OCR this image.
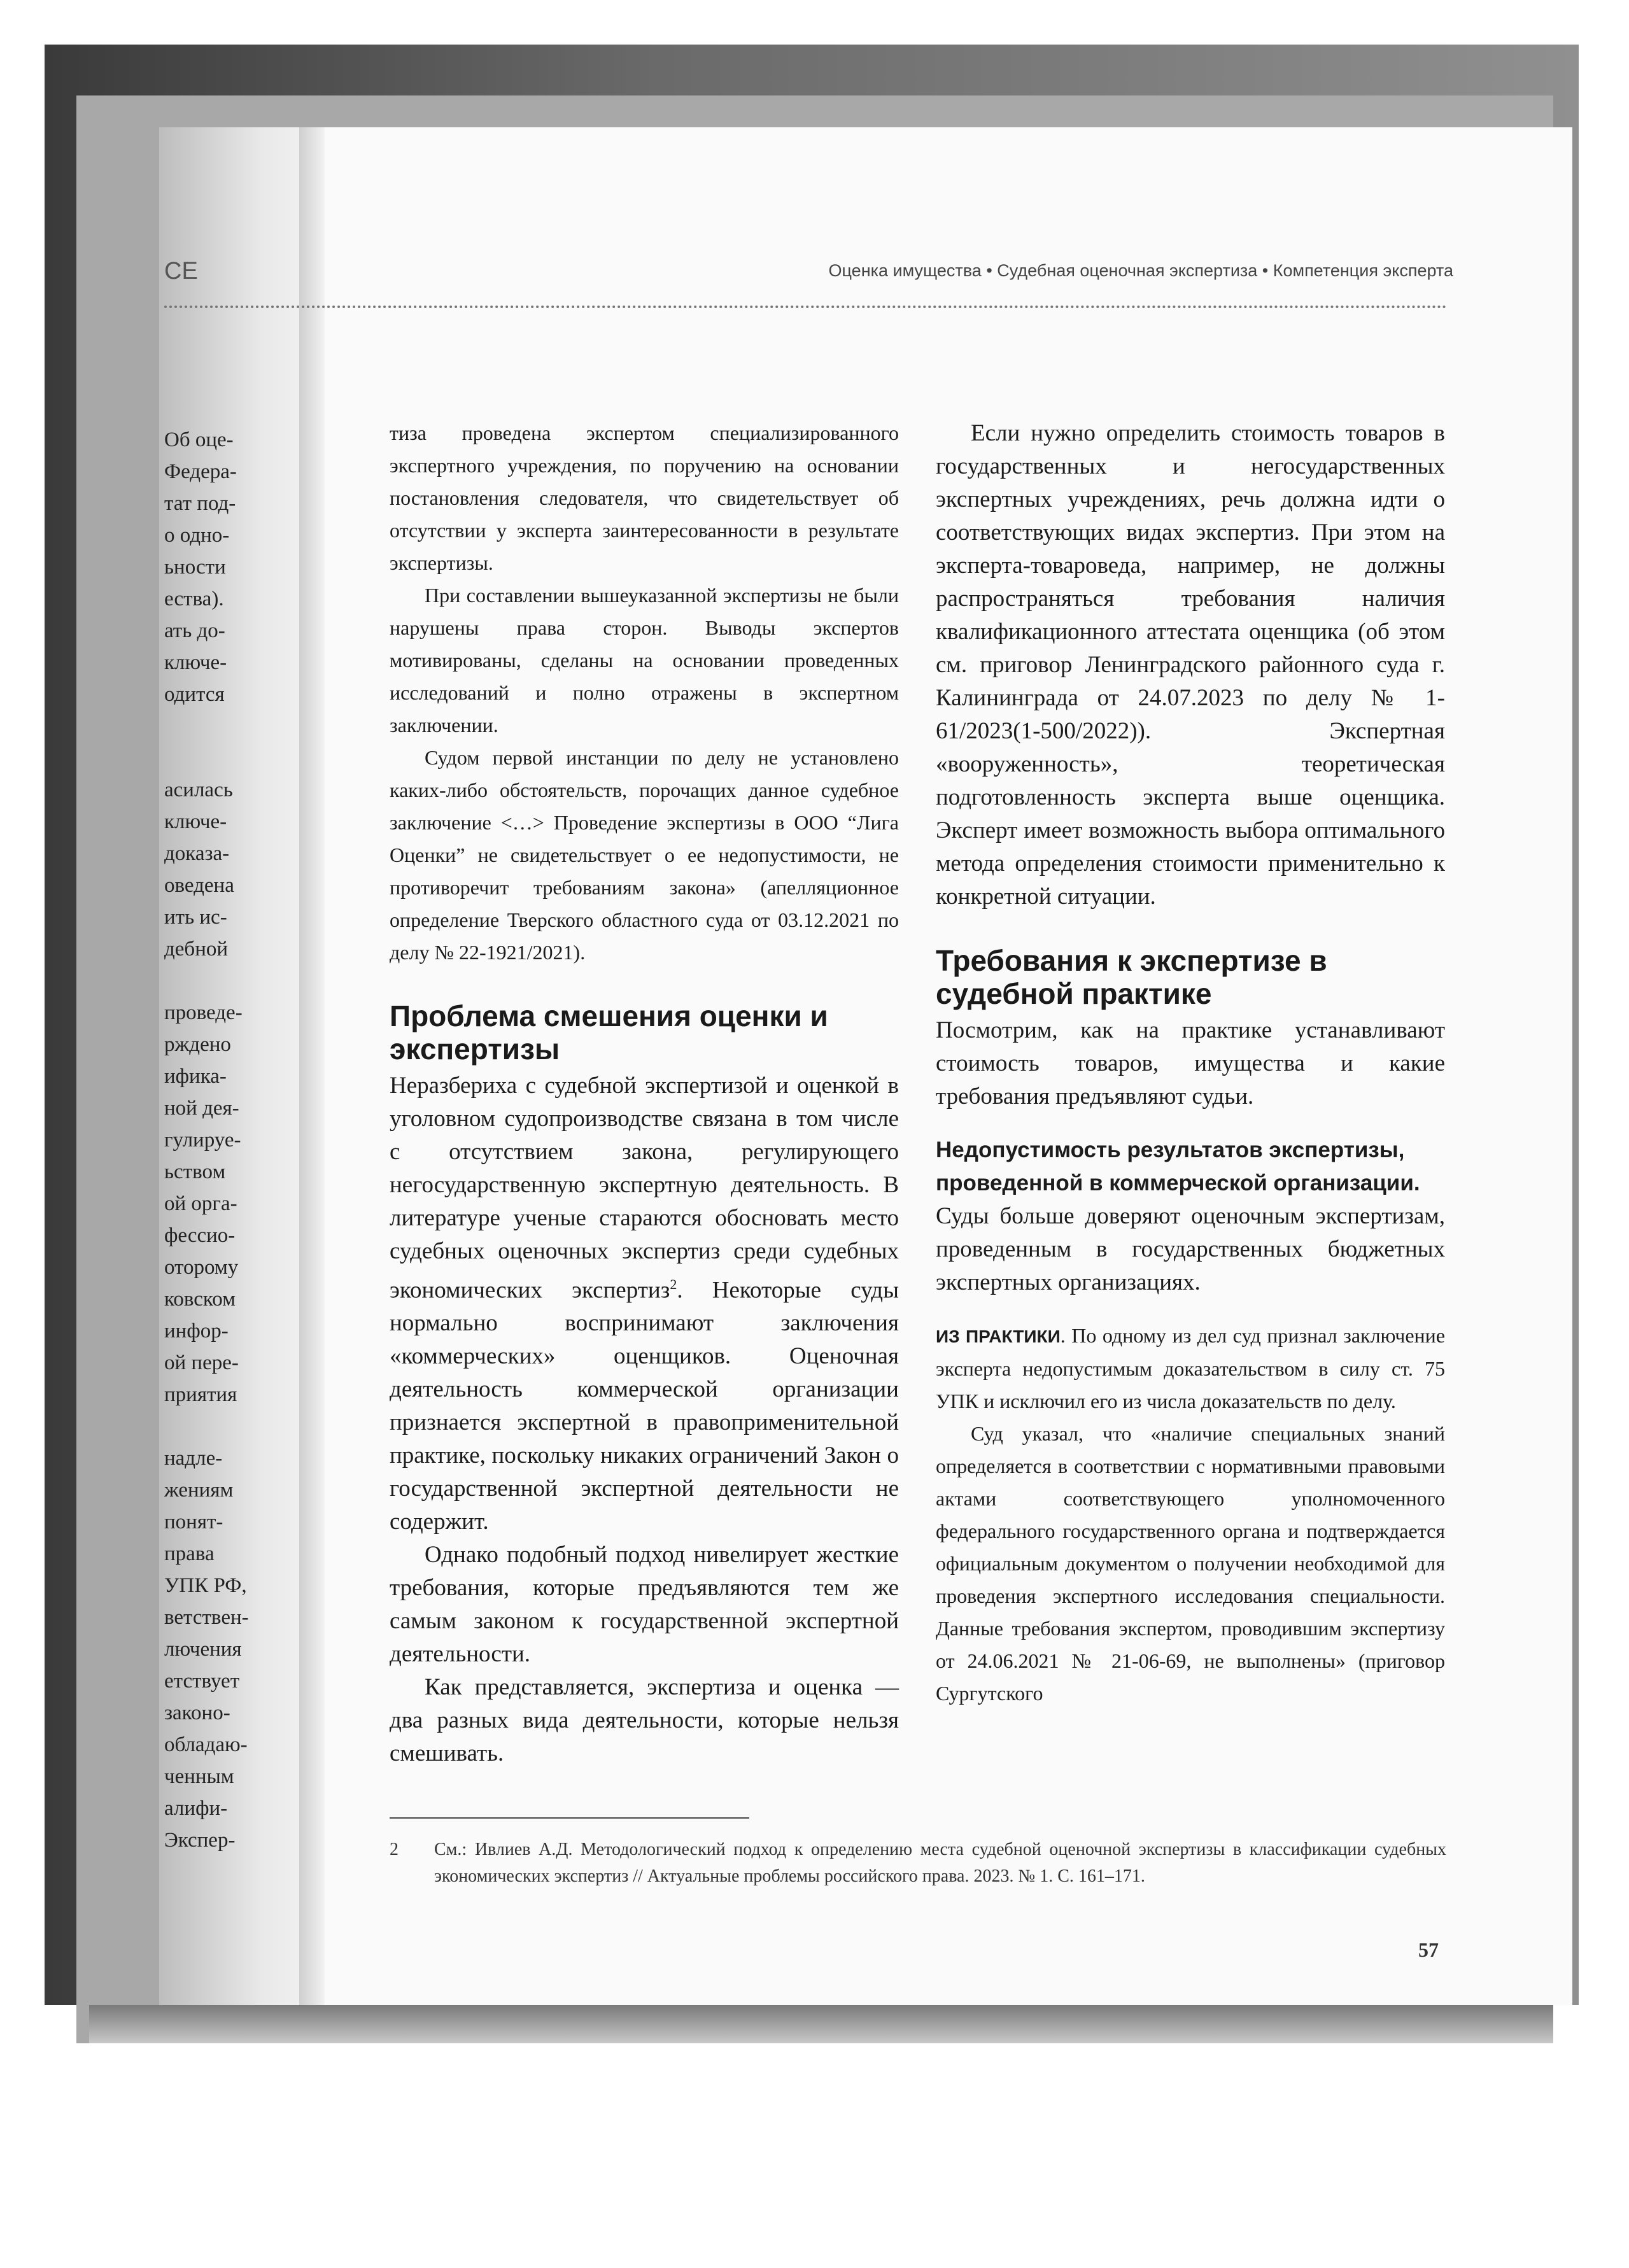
CE
Об оце-
Федера-
тат под-
о одно-
ьности
ества).
ать до-
ключе-
одится
асилась
ключе-
доказа-
оведена
ить ис-
дебной
проведе-
рждено
ифика-
ной дея-
гулируе-
ьством
ой орга-
фессио-
оторому
ковском
инфор-
ой пере-
приятия
надле-
жениям
понят-
права
УПК РФ,
ветствен-
лючения
етствует
законо-
обладаю-
ченным
алифи-
Экспер-
Оценка имущества • Судебная оценочная экспертиза • Компетенция эксперта

тиза проведена экспертом специализированного экспертного учреждения, по поручению на основании постановления следователя, что свидетельствует об отсутствии у эксперта заинтересованности в результате экспертизы.

При составлении вышеуказанной экспертизы не были нарушены права сторон. Выводы экспертов мотивированы, сделаны на основании проведенных исследований и полно отражены в экспертном заключении.

Судом первой инстанции по делу не установлено каких-либо обстоятельств, порочащих данное судебное заключение <…> Проведение экспертизы в ООО “Лига Оценки” не свидетельствует о ее недопустимости, не противоречит требованиям закона» (апелляционное определение Тверского областного суда от 03.12.2021 по делу № 22-1921/2021).

Проблема смешения оценки и экспертизы

Неразбериха с судебной экспертизой и оценкой в уголовном судопроизводстве связана в том числе с отсутствием закона, регулирующего негосударственную экспертную деятельность. В литературе ученые стараются обосновать место судебных оценочных экспертиз среди судебных экономических экспертиз$^2$. Некоторые суды нормально воспринимают заключения «коммерческих» оценщиков. Оценочная деятельность коммерческой организации признается экспертной в правоприменительной практике, поскольку никаких ограничений Закон о государственной экспертной деятельности не содержит.

Однако подобный подход нивелирует жесткие требования, которые предъявляются тем же самым законом к государственной экспертной деятельности.

Как представляется, экспертиза и оценка — два разных вида деятельности, которые нельзя смешивать.

Если нужно определить стоимость товаров в государственных и негосударственных экспертных учреждениях, речь должна идти о соответствующих видах экспертиз. При этом на эксперта-товароведа, например, не должны распространяться требования наличия квалификационного аттестата оценщика (об этом см. приговор Ленинградского районного суда г. Калининграда от 24.07.2023 по делу № 1-61/2023(1-500/2022)). Экспертная «вооруженность», теоретическая подготовленность эксперта выше оценщика. Эксперт имеет возможность выбора оптимального метода определения стоимости применительно к конкретной ситуации.

Требования к экспертизе в судебной практике

Посмотрим, как на практике устанавливают стоимость товаров, имущества и какие требования предъявляют судьи.

Недопустимость результатов экспертизы, проведенной в коммерческой организации.

Суды больше доверяют оценочным экспертизам, проведенным в государственных бюджетных экспертных организациях.

ИЗ ПРАКТИКИ. По одному из дел суд признал заключение эксперта недопустимым доказательством в силу ст. 75 УПК и исключил его из числа доказательств по делу.

Суд указал, что «наличие специальных знаний определяется в соответствии с нормативными правовыми актами соответствующего уполномоченного федерального государственного органа и подтверждается официальным документом о получении необходимой для проведения экспертного исследования специальности. Данные требования экспертом, проводившим экспертизу от 24.06.2021 № 21-06-69, не выполнены» (приговор Сургутского

2 См.: Ивлиев А.Д. Методологический подход к определению места судебной оценочной экспертизы в классификации судебных экономических экспертиз // Актуальные проблемы российского права. 2023. № 1. С. 161–171.
57
